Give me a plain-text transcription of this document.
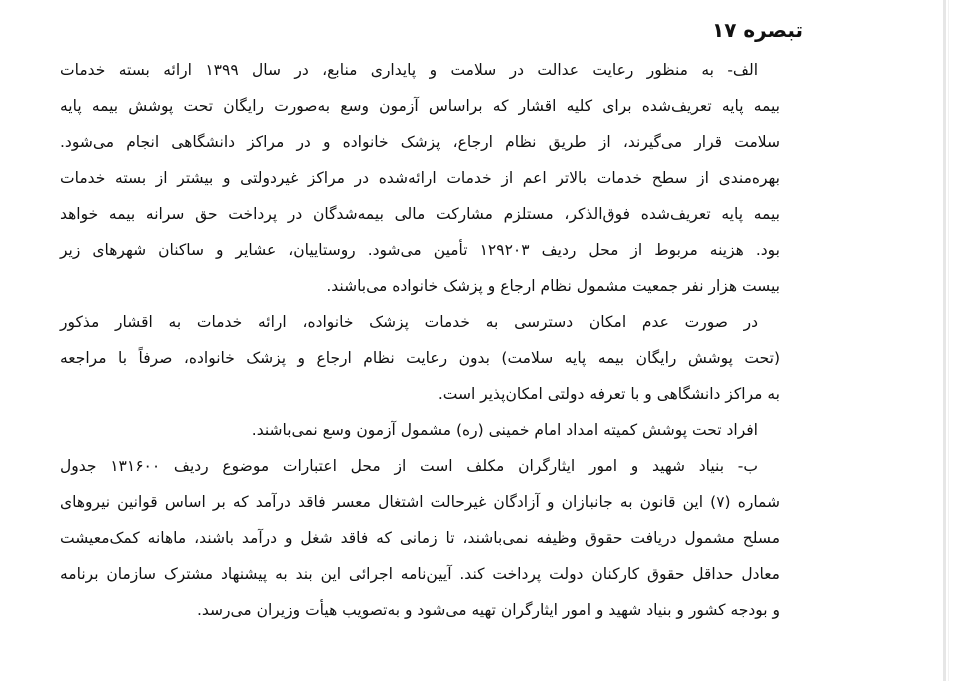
تبصره ۱۷
الف- به منظور رعایت عدالت در سلامت و پایداری منابع، در سال ۱۳۹۹ ارائه بسته خدمات
بیمه پایه تعریف‌شده برای کلیه اقشار که براساس آزمون وسع به‌صورت رایگان تحت پوشش بیمه پایه
سلامت قرار می‌گیرند، از طریق نظام ارجاع، پزشک خانواده و در مراکز دانشگاهی انجام می‌شود.
بهره‌مندی از سطح خدمات بالاتر اعم از خدمات ارائه‌شده در مراکز غیردولتی و بیشتر از بسته خدمات
بیمه پایه تعریف‌شده فوق‌الذکر، مستلزم مشارکت مالی بیمه‌شدگان در پرداخت حق سرانه بیمه خواهد
بود. هزینه مربوط از محل ردیف ۱۲۹۲۰۳ تأمین می‌شود. روستاییان، عشایر و ساکنان شهرهای زیر
بیست هزار نفر جمعیت مشمول نظام ارجاع و پزشک خانواده می‌باشند.
در صورت عدم امکان دسترسی به خدمات پزشک خانواده، ارائه خدمات به اقشار مذکور
(تحت پوشش رایگان بیمه پایه سلامت) بدون رعایت نظام ارجاع و پزشک خانواده، صرفاً با مراجعه
به مراکز دانشگاهی و با تعرفه دولتی امکان‌پذیر است.
افراد تحت پوشش کمیته امداد امام خمینی (ره) مشمول آزمون وسع نمی‌باشند.
ب- بنیاد شهید و امور ایثارگران مکلف است از محل اعتبارات موضوع ردیف ۱۳۱۶۰۰ جدول
شماره (۷) این قانون به جانبازان و آزادگان غیرحالت اشتغال معسر فاقد درآمد که بر اساس قوانین نیروهای
مسلح مشمول دریافت حقوق وظیفه نمی‌باشند، تا زمانی که فاقد شغل و درآمد باشند، ماهانه کمک‌معیشت
معادل حداقل حقوق کارکنان دولت پرداخت کند. آیین‌نامه اجرائی این بند به پیشنهاد مشترک سازمان برنامه
و بودجه کشور و بنیاد شهید و امور ایثارگران تهیه می‌شود و به‌تصویب هیأت وزیران می‌رسد.
